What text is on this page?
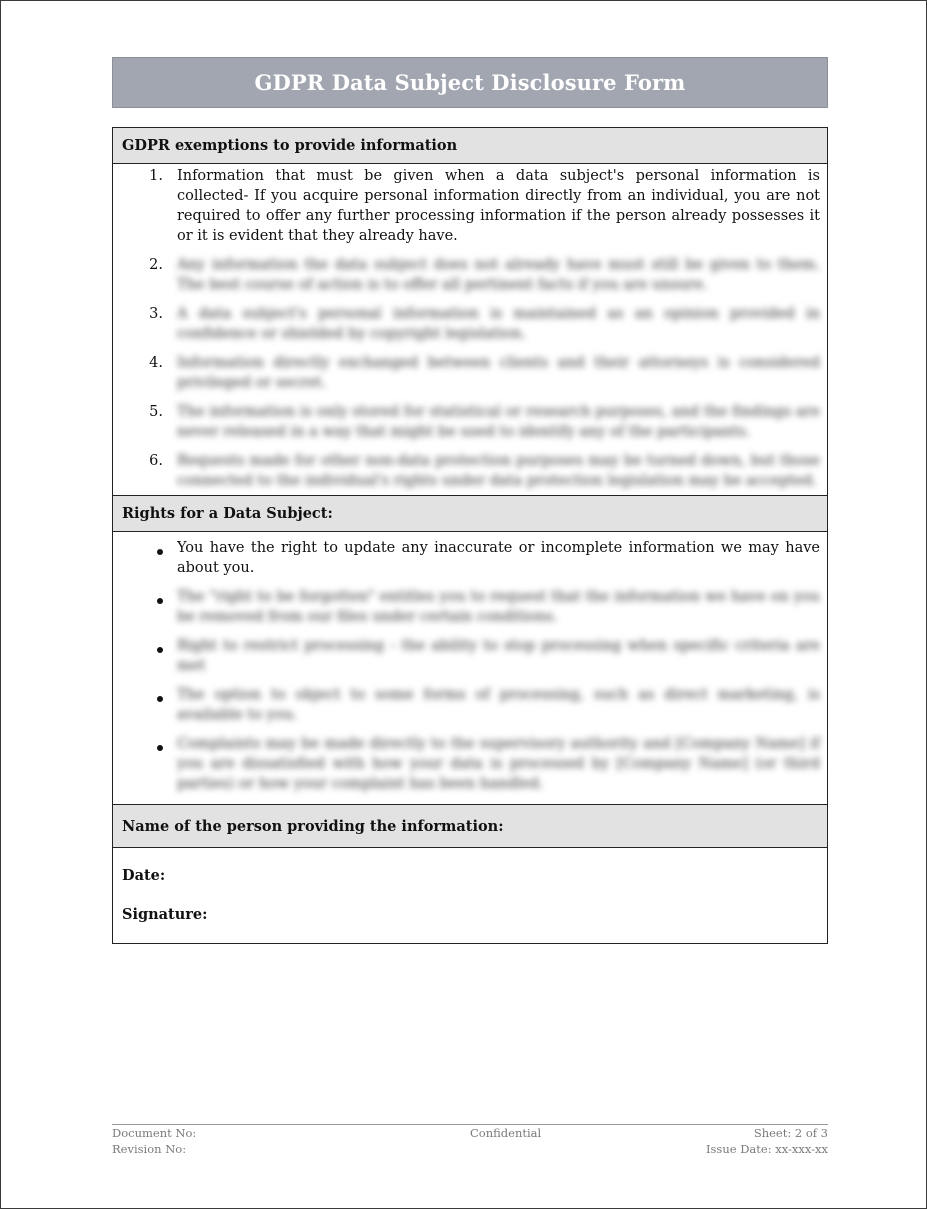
GDPR Data Subject Disclosure Form
GDPR exemptions to provide information
1. Information that must be given when a data subject's personal information is collected- If you acquire personal information directly from an individual, you are not required to offer any further processing information if the person already possesses it or it is evident that they already have.
2. Any information the data subject does not already have must still be given to them. The best course of action is to offer all pertinent facts if you are unsure.
3. A data subject's personal information is maintained as an opinion provided in confidence or shielded by copyright legislation.
4. Information directly exchanged between clients and their attorneys is considered privileged or secret.
5. The information is only stored for statistical or research purposes, and the findings are never released in a way that might be used to identify any of the participants.
6. Requests made for other non-data protection purposes may be turned down, but those connected to the individual's rights under data protection legislation may be accepted.
Rights for a Data Subject:
You have the right to update any inaccurate or incomplete information we may have about you.
The "right to be forgotten" entitles you to request that the information we have on you be removed from our files under certain conditions.
Right to restrict processing - the ability to stop processing when specific criteria are met
The option to object to some forms of processing, such as direct marketing, is available to you.
Complaints may be made directly to the supervisory authority and [Company Name] if you are dissatisfied with how your data is processed by [Company Name] (or third parties) or how your complaint has been handled.
Name of the person providing the information:
Date:
Signature:
Document No:	Confidential	Sheet: 2 of 3
Revision No:	Issue Date: xx-xxx-xx
